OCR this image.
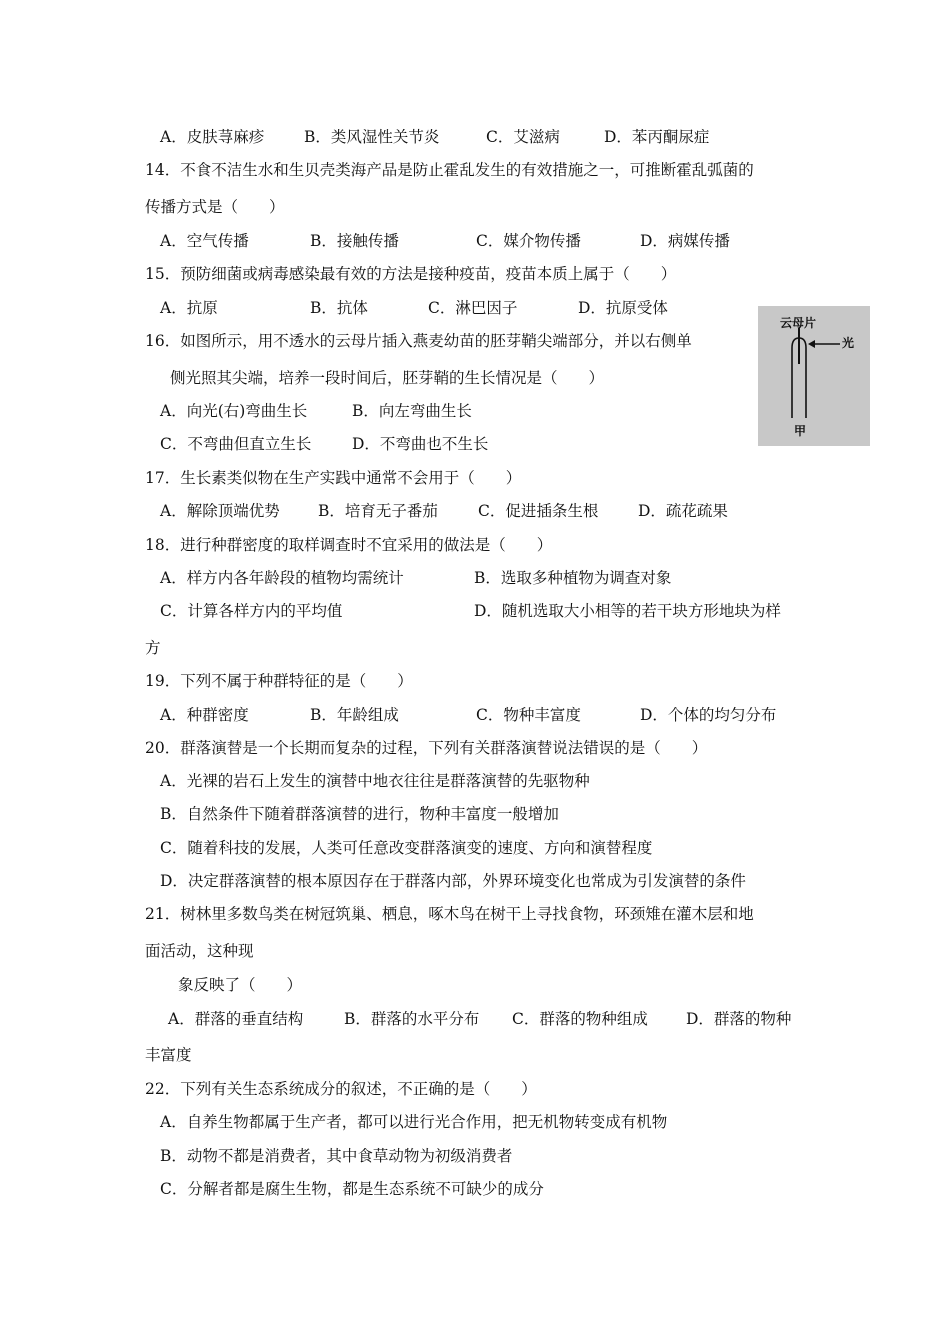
A．皮肤荨麻疹	B．类风湿性关节炎	C．艾滋病	D．苯丙酮尿症
14．不食不洁生水和生贝壳类海产品是防止霍乱发生的有效措施之一，可推断霍乱弧菌的
传播方式是（　　）
A．空气传播	B．接触传播	C．媒介物传播	D．病媒传播
15．预防细菌或病毒感染最有效的方法是接种疫苗，疫苗本质上属于（　　）
A．抗原	B．抗体	C．淋巴因子	D．抗原受体
16．如图所示，用不透水的云母片插入燕麦幼苗的胚芽鞘尖端部分，并以右侧单
侧光照其尖端，培养一段时间后，胚芽鞘的生长情况是（　　）
A．向光(右)弯曲生长	B．向左弯曲生长
C．不弯曲但直立生长	D．不弯曲也不生长
云母片
光
甲
17．生长素类似物在生产实践中通常不会用于（　　）
A．解除顶端优势 B．培育无子番茄	C．促进插条生根	D．疏花疏果
18．进行种群密度的取样调查时不宜采用的做法是（　　）
A．样方内各年龄段的植物均需统计	B．选取多种植物为调查对象
C．计算各样方内的平均值	D．随机选取大小相等的若干块方形地块为样
方
19．下列不属于种群特征的是（　　）
A．种群密度	B．年龄组成	C．物种丰富度	D．个体的均匀分布
20．群落演替是一个长期而复杂的过程，下列有关群落演替说法错误的是（　　）
A．光裸的岩石上发生的演替中地衣往往是群落演替的先驱物种
B．自然条件下随着群落演替的进行，物种丰富度一般增加
C．随着科技的发展，人类可任意改变群落演变的速度、方向和演替程度
D．决定群落演替的根本原因存在于群落内部，外界环境变化也常成为引发演替的条件
21．树林里多数鸟类在树冠筑巢、栖息，啄木鸟在树干上寻找食物，环颈雉在灌木层和地
面活动，这种现
象反映了（　　）
A．群落的垂直结构	B．群落的水平分布 C．群落的物种组成 D．群落的物种
丰富度
22．下列有关生态系统成分的叙述，不正确的是（　　）
A．自养生物都属于生产者，都可以进行光合作用，把无机物转变成有机物
B．动物不都是消费者，其中食草动物为初级消费者
C．分解者都是腐生生物，都是生态系统不可缺少的成分
